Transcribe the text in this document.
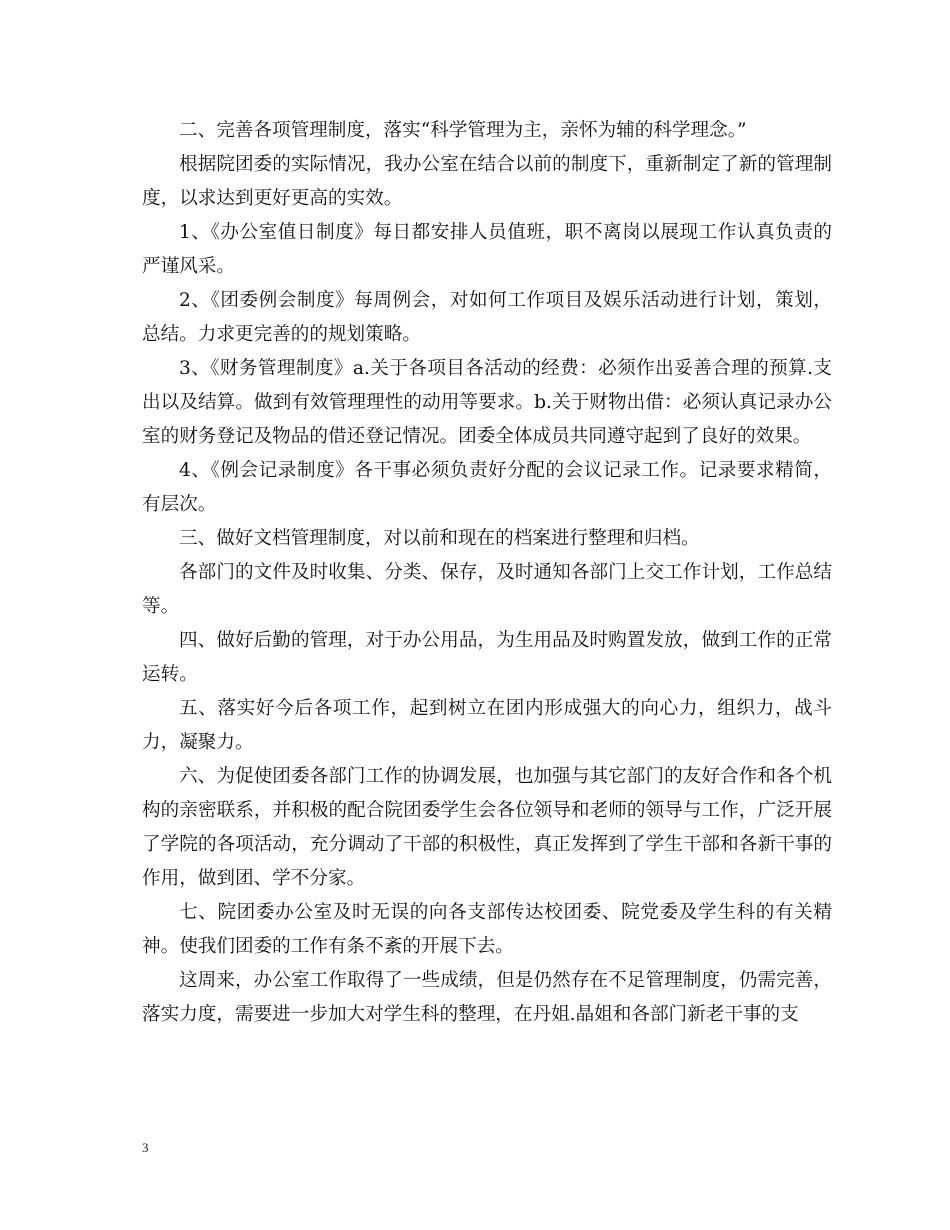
二、完善各项管理制度，落实“科学管理为主，亲怀为辅的科学理念。”

根据院团委的实际情况，我办公室在结合以前的制度下，重新制定了新的管理制度，以求达到更好更高的实效。

1、《办公室值日制度》每日都安排人员值班，职不离岗以展现工作认真负责的严谨风采。

2、《团委例会制度》每周例会，对如何工作项目及娱乐活动进行计划，策划，总结。力求更完善的的规划策略。

3、《财务管理制度》a.关于各项目各活动的经费：必须作出妥善合理的预算.支出以及结算。做到有效管理理性的动用等要求。b.关于财物出借：必须认真记录办公室的财务登记及物品的借还登记情况。团委全体成员共同遵守起到了良好的效果。

4、《例会记录制度》各干事必须负责好分配的会议记录工作。记录要求精简，有层次。

三、做好文档管理制度，对以前和现在的档案进行整理和归档。

各部门的文件及时收集、分类、保存，及时通知各部门上交工作计划，工作总结等。

四、做好后勤的管理，对于办公用品，为生用品及时购置发放，做到工作的正常运转。

五、落实好今后各项工作，起到树立在团内形成强大的向心力，组织力，战斗力，凝聚力。

六、为促使团委各部门工作的协调发展，也加强与其它部门的友好合作和各个机构的亲密联系，并积极的配合院团委学生会各位领导和老师的领导与工作，广泛开展了学院的各项活动，充分调动了干部的积极性，真正发挥到了学生干部和各新干事的作用，做到团、学不分家。

七、院团委办公室及时无误的向各支部传达校团委、院党委及学生科的有关精神。使我们团委的工作有条不紊的开展下去。

这周来，办公室工作取得了一些成绩，但是仍然存在不足管理制度，仍需完善，落实力度，需要进一步加大对学生科的整理，在丹姐.晶姐和各部门新老干事的支

3
